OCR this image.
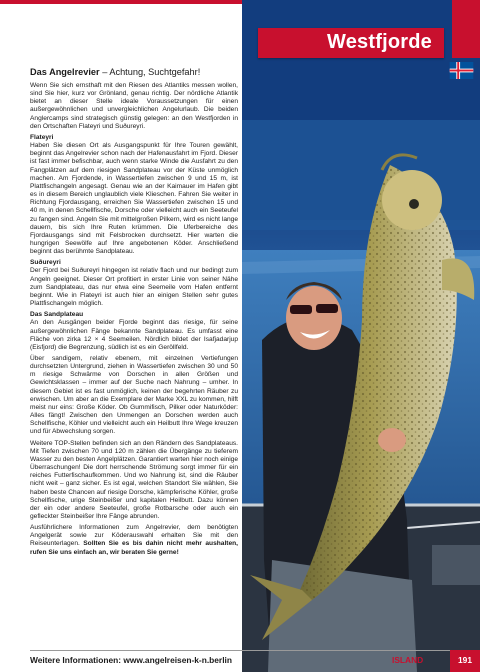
Westfjorde
Das Angelrevier – Achtung, Suchtgefahr!

Wenn Sie sich ernsthaft mit den Riesen des Atlantiks messen wollen, sind Sie hier, kurz vor Grönland, genau richtig. Der nördliche Atlantik bietet an dieser Stelle ideale Voraussetzungen für einen außergewöhnlichen und unvergleichlichen Angelurlaub. Die beiden Anglercamps sind strategisch günstig gelegen: an den Westfjorden in den Ortschaften Flateyri und Suðureyri.

Flateyri

Haben Sie diesen Ort als Ausgangspunkt für Ihre Touren gewählt, beginnt das Angelrevier schon nach der Hafenausfahrt im Fjord. Dieser ist fast immer befischbar, auch wenn starke Winde die Ausfahrt zu den Fangplätzen auf dem riesigen Sandplateau vor der Küste unmöglich machen. Am Fjordende, in Wassertiefen zwischen 9 und 15 m, ist Plattfischangeln angesagt. Genau wie an der Kaimauer im Hafen gibt es in diesem Bereich unglaublich viele Klieschen. Fahren Sie weiter in Richtung Fjordausgang, erreichen Sie Wassertiefen zwischen 15 und 40 m, in denen Schellfische, Dorsche oder vielleicht auch ein Seeteufel zu fangen sind. Angeln Sie mit mittelgroßen Pilkern, wird es nicht lange dauern, bis sich Ihre Ruten krümmen. Die Uferbereiche des Fjordausgangs sind mit Felsbrocken durchsetzt. Hier warten die hungrigen Seewölfe auf Ihre angebotenen Köder. Anschließend beginnt das berühmte Sandplateau.

Suðureyri

Der Fjord bei Suðureyri hingegen ist relativ flach und nur bedingt zum Angeln geeignet. Dieser Ort profitiert in erster Linie von seiner Nähe zum Sandplateau, das nur etwa eine Seemeile vom Hafen entfernt beginnt. Wie in Flateyri ist auch hier an einigen Stellen sehr gutes Plattfischangeln möglich.

Das Sandplateau

An den Ausgängen beider Fjorde beginnt das riesige, für seine außergewöhnlichen Fänge bekannte Sandplateau. Es umfasst eine Fläche von zirka 12 × 4 Seemeilen. Nördlich bildet der Isafjadarjup (Eisfjord) die Begrenzung, südlich ist es ein Geröllfeld.

Über sandigem, relativ ebenem, mit einzelnen Vertiefungen durchsetzten Untergrund, ziehen in Wassertiefen zwischen 30 und 50 m riesige Schwärme von Dorschen in allen Größen und Gewichtsklassen – immer auf der Suche nach Nahrung – umher. In diesem Gebiet ist es fast unmöglich, keinen der begehrten Räuber zu erwischen. Um aber an die Exemplare der Marke XXL zu kommen, hilft meist nur eins: Große Köder. Ob Gummifisch, Pilker oder Naturköder: Alles fängt! Zwischen den Unmengen an Dorschen werden auch Schellfische, Köhler und vielleicht auch ein Heilbutt Ihre Wege kreuzen und für Abwechslung sorgen.

Weitere TOP-Stellen befinden sich an den Rändern des Sandplateaus. Mit Tiefen zwischen 70 und 120 m zählen die Übergänge zu tieferem Wasser zu den besten Angelplätzen. Garantiert warten hier noch einige Überraschungen! Die dort herrschende Strömung sorgt immer für ein reiches Futterfischaufkommen. Und wo Nahrung ist, sind die Räuber nicht weit – ganz sicher. Es ist egal, welchen Standort Sie wählen, Sie haben beste Chancen auf riesige Dorsche, kämpferische Köhler, große Schellfische, urige Steinbeißer und kapitalen Heilbutt. Dazu können der ein oder andere Seeteufel, große Rotbarsche oder auch ein gefleckter Steinbeißer Ihre Fänge abrunden.

Ausführlichere Informationen zum Angelrevier, dem benötigten Angelgerät sowie zur Köderauswahl erhalten Sie mit den Reiseunterlagen. Sollten Sie es bis dahin nicht mehr aushalten, rufen Sie uns einfach an, wir beraten Sie gerne!

Weitere Informationen: www.angelreisen-k-n.berlin	ISLAND	191
